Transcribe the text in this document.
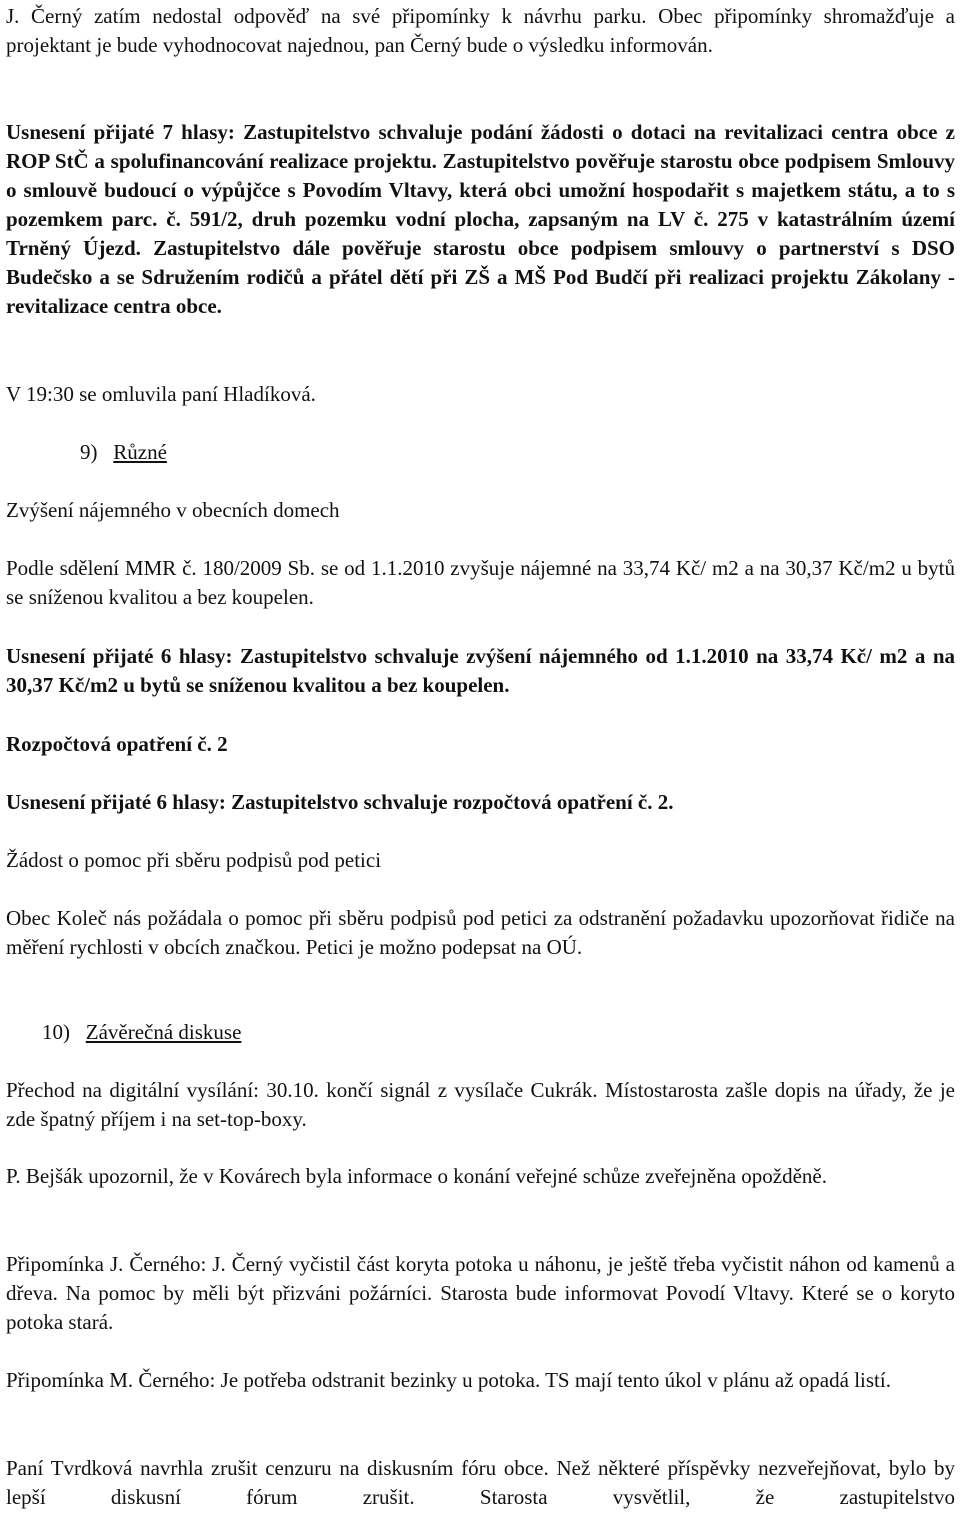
J. Černý zatím nedostal odpověď na své připomínky k návrhu parku. Obec připomínky shromažďuje a projektant je bude vyhodnocovat najednou, pan Černý bude o výsledku informován.

Usnesení přijaté 7 hlasy: Zastupitelstvo schvaluje podání žádosti o dotaci na revitalizaci centra obce z ROP StČ a spolufinancování realizace projektu. Zastupitelstvo pověřuje starostu obce podpisem Smlouvy o smlouvě budoucí o výpůjčce s Povodím Vltavy, která obci umožní hospodařit s majetkem státu, a to s pozemkem parc. č. 591/2, druh pozemku vodní plocha, zapsaným na LV č. 275 v katastrálním území Trněný Újezd. Zastupitelstvo dále pověřuje starostu obce podpisem smlouvy o partnerství s DSO Budečsko a se Sdružením rodičů a přátel dětí při ZŠ a MŠ Pod Budčí při realizaci projektu Zákolany - revitalizace centra obce.

V 19:30 se omluvila paní Hladíková.

9) Různé

Zvýšení nájemného v obecních domech

Podle sdělení MMR č. 180/2009 Sb. se od 1.1.2010 zvyšuje nájemné na 33,74 Kč/ m2 a na 30,37 Kč/m2 u bytů se sníženou kvalitou a bez koupelen.

Usnesení přijaté 6 hlasy: Zastupitelstvo schvaluje zvýšení nájemného od 1.1.2010 na 33,74 Kč/ m2 a na 30,37 Kč/m2 u bytů se sníženou kvalitou a bez koupelen.

Rozpočtová opatření č. 2

Usnesení přijaté 6 hlasy: Zastupitelstvo schvaluje rozpočtová opatření č. 2.

Žádost o pomoc při sběru podpisů pod petici

Obec Koleč nás požádala o pomoc při sběru podpisů pod petici za odstranění požadavku upozorňovat řidiče na měření rychlosti v obcích značkou. Petici je možno podepsat na OÚ.

10) Závěrečná diskuse

Přechod na digitální vysílání: 30.10. končí signál z vysílače Cukrák. Místostarosta zašle dopis na úřady, že je zde špatný příjem i na set-top-boxy.

P. Bejšák upozornil, že v Kovárech byla informace o konání veřejné schůze zveřejněna opožděně.

Připomínka J. Černého: J. Černý vyčistil část koryta potoka u náhonu, je ještě třeba vyčistit náhon od kamenů a dřeva. Na pomoc by měli být přizváni požárníci. Starosta bude informovat Povodí Vltavy. Které se o koryto potoka stará.

Připomínka M. Černého: Je potřeba odstranit bezinky u potoka. TS mají tento úkol v plánu až opadá listí.

Paní Tvrdková navrhla zrušit cenzuru na diskusním fóru obce. Než některé příspěvky nezveřejňovat, bylo by lepší diskusní fórum zrušit. Starosta vysvětlil, že zastupitelstvo
